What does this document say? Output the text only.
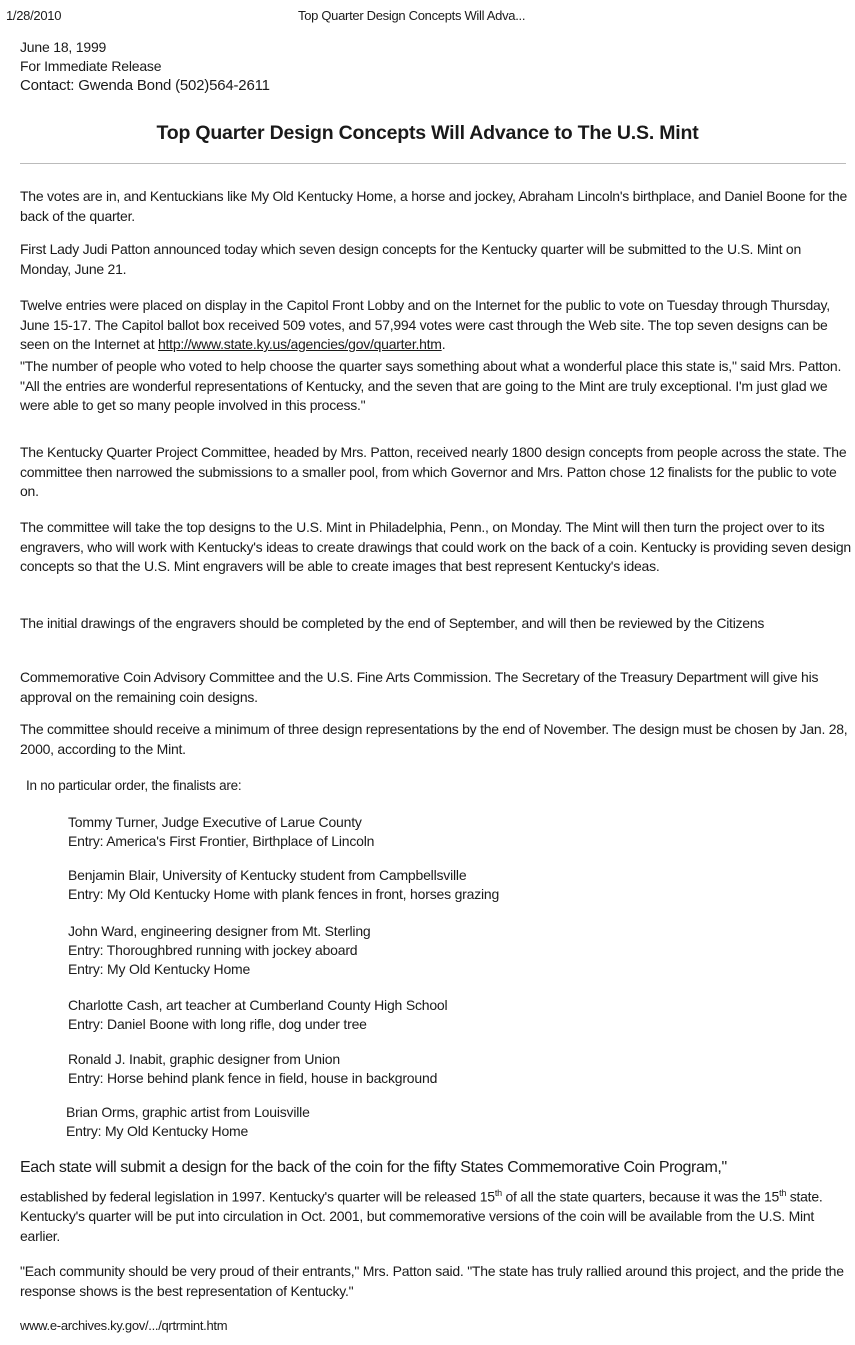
1/28/2010	Top Quarter Design Concepts Will Adva...
June 18, 1999
For Immediate Release
Contact: Gwenda Bond (502)564-2611
Top Quarter Design Concepts Will Advance to The U.S. Mint

The votes are in, and Kentuckians like My Old Kentucky Home, a horse and jockey, Abraham Lincoln's birthplace, and Daniel Boone for the back of the quarter.

First Lady Judi Patton announced today which seven design concepts for the Kentucky quarter will be submitted to the U.S. Mint on Monday, June 21.

Twelve entries were placed on display in the Capitol Front Lobby and on the Internet for the public to vote on Tuesday through Thursday, June 15-17. The Capitol ballot box received 509 votes, and 57,994 votes were cast through the Web site. The top seven designs can be seen on the Internet at http://www.state.ky.us/agencies/gov/quarter.htm.

"The number of people who voted to help choose the quarter says something about what a wonderful place this state is," said Mrs. Patton. "All the entries are wonderful representations of Kentucky, and the seven that are going to the Mint are truly exceptional. I'm just glad we were able to get so many people involved in this process."

The Kentucky Quarter Project Committee, headed by Mrs. Patton, received nearly 1800 design concepts from people across the state. The committee then narrowed the submissions to a smaller pool, from which Governor and Mrs. Patton chose 12 finalists for the public to vote on.

The committee will take the top designs to the U.S. Mint in Philadelphia, Penn., on Monday. The Mint will then turn the project over to its engravers, who will work with Kentucky's ideas to create drawings that could work on the back of a coin. Kentucky is providing seven design concepts so that the U.S. Mint engravers will be able to create images that best represent Kentucky's ideas.

The initial drawings of the engravers should be completed by the end of September, and will then be reviewed by the Citizens

Commemorative Coin Advisory Committee and the U.S. Fine Arts Commission. The Secretary of the Treasury Department will give his approval on the remaining coin designs.

The committee should receive a minimum of three design representations by the end of November. The design must be chosen by Jan. 28, 2000, according to the Mint.

In no particular order, the finalists are:
Tommy Turner, Judge Executive of Larue County
Entry: America's First Frontier, Birthplace of Lincoln
Benjamin Blair, University of Kentucky student from Campbellsville
Entry: My Old Kentucky Home with plank fences in front, horses grazing
John Ward, engineering designer from Mt. Sterling
Entry: Thoroughbred running with jockey aboard
Entry: My Old Kentucky Home
Charlotte Cash, art teacher at Cumberland County High School
Entry: Daniel Boone with long rifle, dog under tree
Ronald J. Inabit, graphic designer from Union
Entry: Horse behind plank fence in field, house in background
Brian Orms, graphic artist from Louisville
Entry: My Old Kentucky Home
Each state will submit a design for the back of the coin for the fifty States Commemorative Coin Program,"

established by federal legislation in 1997. Kentucky's quarter will be released 15th of all the state quarters, because it was the 15th state. Kentucky's quarter will be put into circulation in Oct. 2001, but commemorative versions of the coin will be available from the U.S. Mint earlier.

"Each community should be very proud of their entrants," Mrs. Patton said. "The state has truly rallied around this project, and the pride the response shows is the best representation of Kentucky."

www.e-archives.ky.gov/.../qrtrmint.htm
